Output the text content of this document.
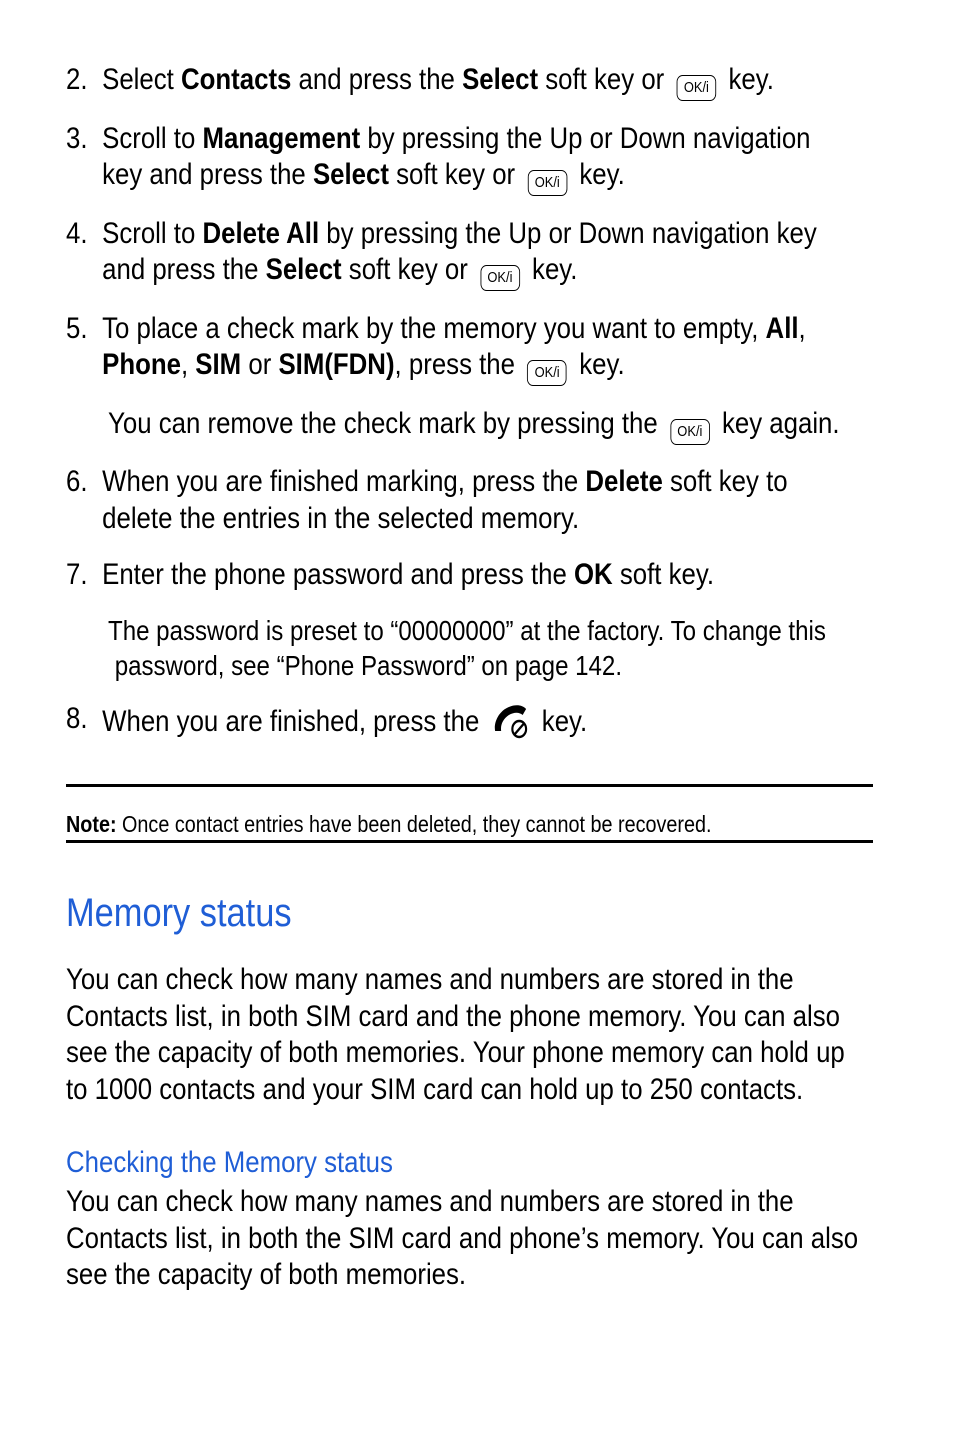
2. Select Contacts and press the Select soft key or OK/i key.
3. Scroll to Management by pressing the Up or Down navigation
key and press the Select soft key or OK/i key.
4. Scroll to Delete All by pressing the Up or Down navigation key
and press the Select soft key or OK/i key.
5. To place a check mark by the memory you want to empty, All,
Phone, SIM or SIM(FDN), press the OK/i key.
You can remove the check mark by pressing the OK/i key again.
6. When you are finished marking, press the Delete soft key to
delete the entries in the selected memory.
7. Enter the phone password and press the OK soft key.
The password is preset to “00000000” at the factory. To change this
password, see “Phone Password” on page 142.
8. When you are finished, press the  key.
Note: Once contact entries have been deleted, they cannot be recovered.
Memory status
You can check how many names and numbers are stored in the
Contacts list, in both SIM card and the phone memory. You can also
see the capacity of both memories. Your phone memory can hold up
to 1000 contacts and your SIM card can hold up to 250 contacts.
Checking the Memory status
You can check how many names and numbers are stored in the
Contacts list, in both the SIM card and phone’s memory. You can also
see the capacity of both memories.
